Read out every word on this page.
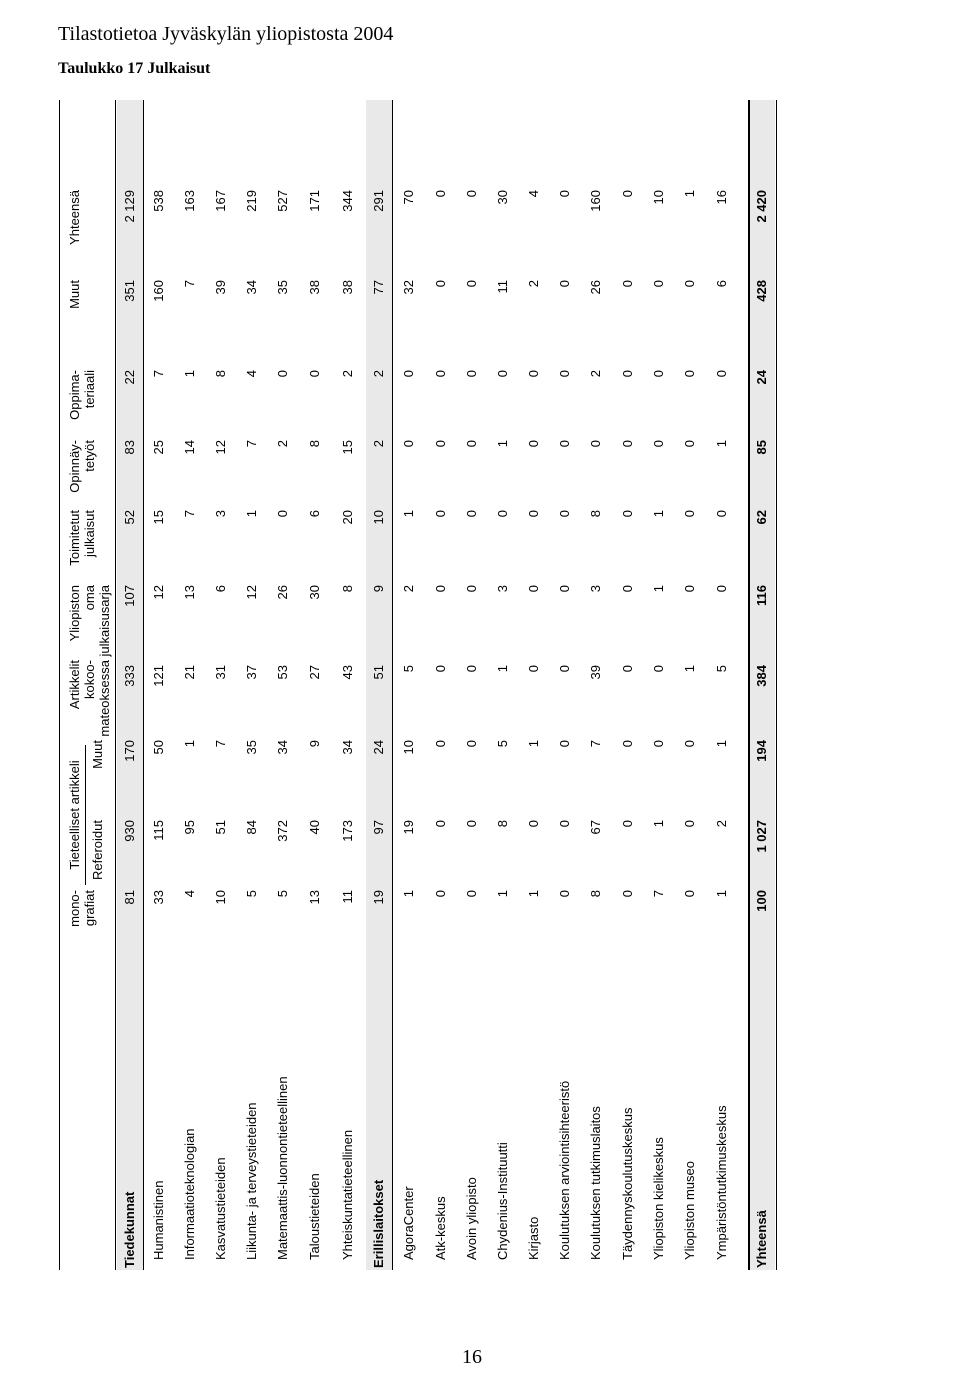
Tilastotietoa Jyväskylän yliopistosta 2004
Taulukko 17 Julkaisut
mono- grafiat
Tieteelliset artikkeli Referoidut
Muut
Artikkelit kokoo- mateoksessa
Yliopiston oma julkaisusarja
Toimitetut julkaisut
Opinnäy- tetyöt
Oppima- teriaali
Muut
Yhteensä
Tiedekunnat
81
930
170
333
107
52
83
22
351
2 129
Humanistinen
33
115
50
121
12
15
25
7
160
538
Informaatioteknologian
4
95
1
21
13
7
14
1
7
163
Kasvatustieteiden
10
51
7
31
6
3
12
8
39
167
Liikunta- ja terveystieteiden
5
84
35
37
12
1
7
4
34
219
Matemaattis-luonnontieteellinen
5
372
34
53
26
0
2
0
35
527
Taloustieteiden
13
40
9
27
30
6
8
0
38
171
Yhteiskuntatieteellinen
11
173
34
43
8
20
15
2
38
344
Erillislaitokset
19
97
24
51
9
10
2
2
77
291
AgoraCenter
1
19
10
5
2
1
0
0
32
70
Atk-keskus
0
0
0
0
0
0
0
0
0
0
Avoin yliopisto
0
0
0
0
0
0
0
0
0
0
Chydenius-Instituutti
1
8
5
1
3
0
1
0
11
30
Kirjasto
1
0
1
0
0
0
0
0
2
4
Koulutuksen arviointisihteeristö
0
0
0
0
0
0
0
0
0
0
Koulutuksen tutkimuslaitos
8
67
7
39
3
8
0
2
26
160
Täydennyskoulutuskeskus
0
0
0
0
0
0
0
0
0
0
Yliopiston kielikeskus
7
1
0
0
1
1
0
0
0
10
Yliopiston museo
0
0
0
1
0
0
0
0
0
1
Ympäristöntutkimuskeskus
1
2
1
5
0
0
1
0
6
16
Yhteensä
100
1 027
194
384
116
62
85
24
428
2 420
16
